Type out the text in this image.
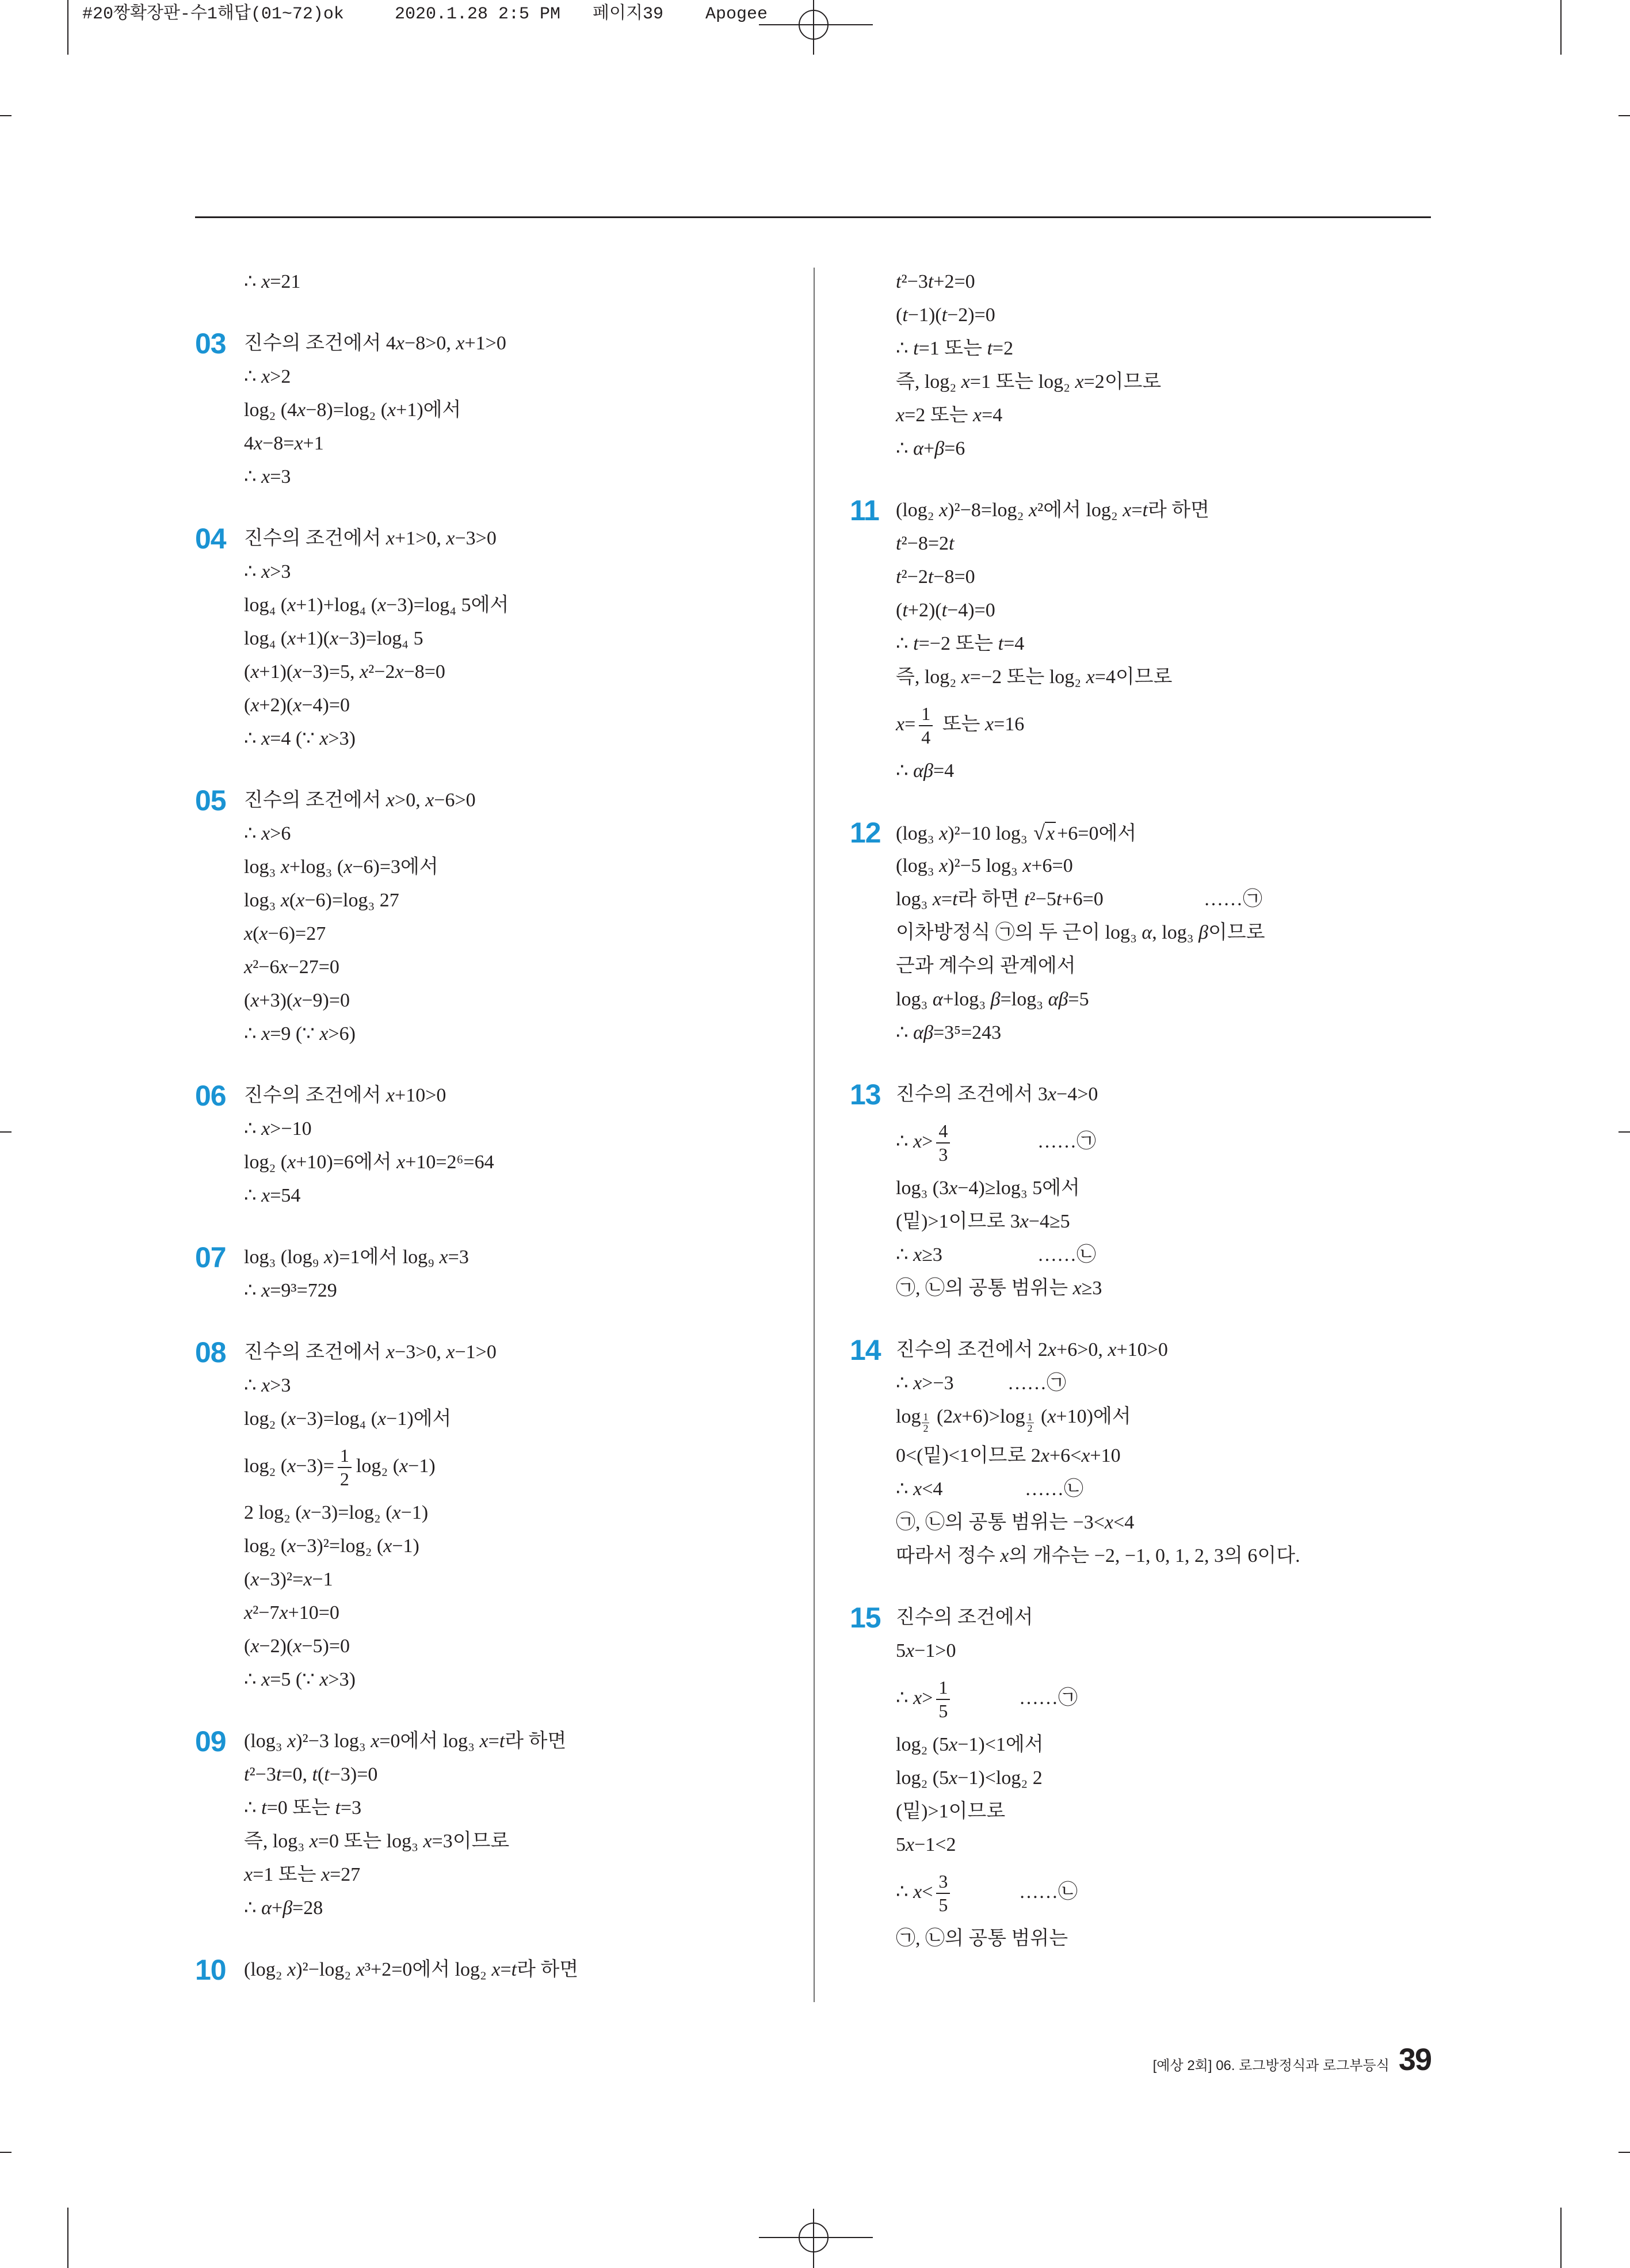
#20짱확장판-수1해답(01~72)ok	2020.1.28 2:5 PM 페이지39 Apogee
∴ x=21
03 진수의 조건에서 4x−8>0, x+1>0
∴ x>2
log₂ (4x−8)=log₂ (x+1)에서
4x−8=x+1
∴ x=3
04 진수의 조건에서 x+1>0, x−3>0
∴ x>3
log₄ (x+1)+log₄ (x−3)=log₄ 5에서
log₄ (x+1)(x−3)=log₄ 5
(x+1)(x−3)=5, x²−2x−8=0
(x+2)(x−4)=0
∴ x=4 (∵ x>3)
05 진수의 조건에서 x>0, x−6>0
∴ x>6
log₃ x+log₃ (x−6)=3에서
log₃ x(x−6)=log₃ 27
x(x−6)=27
x²−6x−27=0
(x+3)(x−9)=0
∴ x=9 (∵ x>6)
06 진수의 조건에서 x+10>0
∴ x>−10
log₂ (x+10)=6에서 x+10=2⁶=64
∴ x=54
07 log₃ (log₉ x)=1에서 log₉ x=3
∴ x=9³=729
08 진수의 조건에서 x−3>0, x−1>0
∴ x>3
log₂ (x−3)=log₄ (x−1)에서
log₂ $(x-3)= \frac{1}{2} \log_2$ (x−1)
2 log₂ (x−3)=log₂ (x−1)
log₂ (x−3)²=log₂ (x−1)
(x−3)²=x−1
x²−7x+10=0
(x−2)(x−5)=0
∴ x=5 (∵ x>3)
09 (log₃ x)²−3 log₃ x=0에서 log₃ x=t라 하면
t²−3t=0, t(t−3)=0
∴ t=0 또는 t=3
즉, log₃ x=0 또는 log₃ x=3이므로
x=1 또는 x=27
∴ α+β=28
10 (log₂ x)²−log₂ x³+2=0에서 log₂ x=t라 하면
t²−3t+2=0
(t−1)(t−2)=0
∴ t=1 또는 t=2
즉, log₂ x=1 또는 log₂ x=2이므로
x=2 또는 x=4
∴ α+β=6
11 (log₂ x)²−8=log₂ x²에서 log₂ x=t라 하면
t²−8=2t
t²−2t−8=0
(t+2)(t−4)=0
∴ t=−2 또는 t=4
즉, log₂ x=−2 또는 log₂ x=4이므로
$x= \frac{1}{4}$ 또는 x=16
∴ αβ=4
12 (log₃ x)²−10 log₃ √x +6=0에서
(log₃ x)²−5 log₃ x+6=0
log₃ x=t라 하면 t²−5t+6=0	……㉠
이차방정식 ㉠의 두 근이 log₃ α, log₃ β이므로
근과 계수의 관계에서
log₃ α+log₃ β=log₃ αβ=5
∴ αβ=3⁵=243
13 진수의 조건에서 3x−4>0
∴ $x> \frac{4}{3}$	……㉠
log₃ (3x−4)≥log₃ 5에서
(밑)>1이므로 3x−4≥5
∴ x≥3	……㉡
㉠, ㉡의 공통 범위는 x≥3
14 진수의 조건에서 2x+6>0, x+10>0
∴ x>−3	……㉠
$\log \frac{1}{2} (2x+6)>\log \frac{1}{2} (x+10)$에서
0<(밑)<1이므로 2x+6<x+10
∴ x<4	……㉡
㉠, ㉡의 공통 범위는 −3<x<4
따라서 정수 x의 개수는 −2, −1, 0, 1, 2, 3의 6이다.
15 진수의 조건에서
5x−1>0
∴ $x> \frac{1}{5}$	……㉠
log₂ (5x−1)<1에서
log₂ (5x−1)<log₂ 2
(밑)>1이므로
5x−1<2
∴ $x< \frac{3}{5}$	……㉡
㉠, ㉡의 공통 범위는
[예상 2회] 06. 로그방정식과 로그부등식 39
